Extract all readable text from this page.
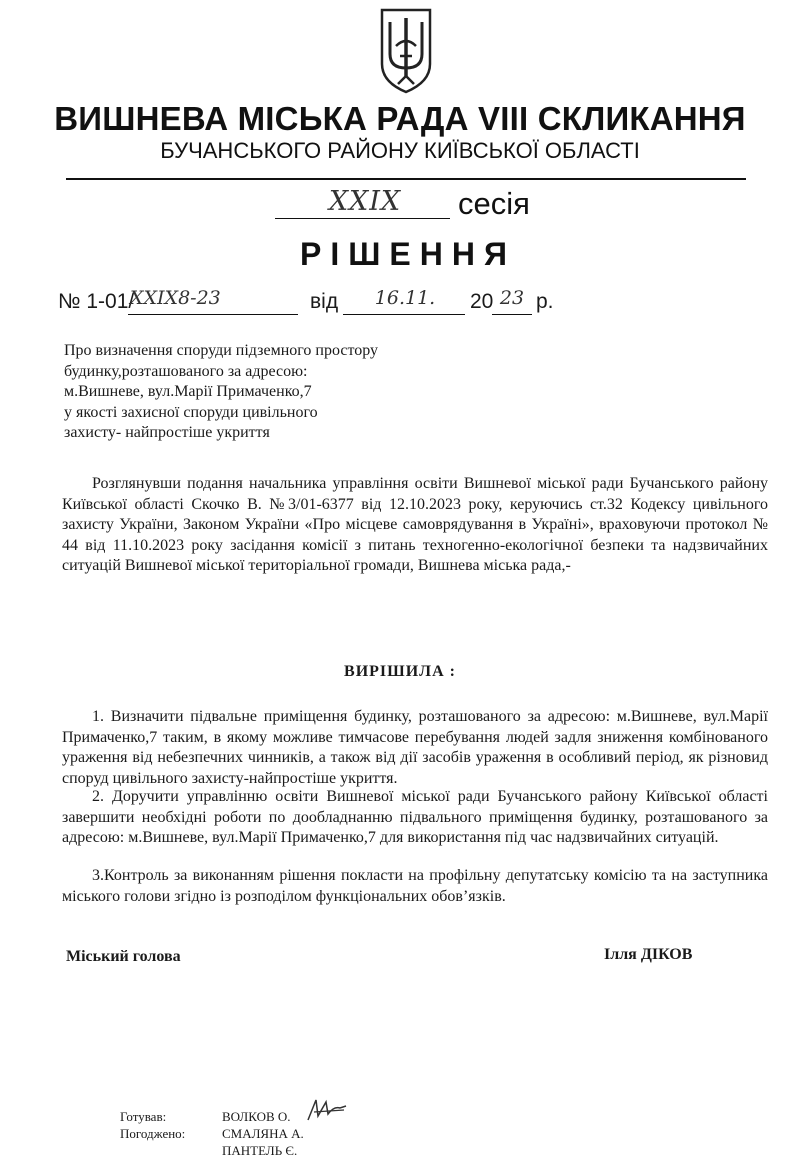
ВИШНЕВА МІСЬКА РАДА VIII СКЛИКАННЯ
БУЧАНСЬКОГО РАЙОНУ КИЇВСЬКОЇ ОБЛАСТІ
XXIX сесія
РІШЕННЯ
№ 1-01/
XXIX8-23	від	16.11.	20 23 р.
Про визначення споруди підземного простору
будинку,розташованого за адресою:
м.Вишневе, вул.Марії Примаченко,7
у якості захисної споруди цивільного
захисту- найпростіше укриття
Розглянувши подання начальника управління освіти Вишневої міської ради Бучанського району Київської області Скочко В. №3/01-6377 від 12.10.2023 року, керуючись ст.32 Кодексу цивільного захисту України, Законом України «Про місцеве самоврядування в Україні», враховуючи протокол № 44 від 11.10.2023 року засідання комісії з питань техногенно-екологічної безпеки та надзвичайних ситуацій Вишневої міської територіальної громади, Вишнева міська рада,-
ВИРІШИЛА :
1. Визначити підвальне приміщення будинку, розташованого за адресою: м.Вишневе, вул.Марії Примаченко,7 таким, в якому можливе тимчасове перебування людей задля зниження комбінованого ураження від небезпечних чинників, а також від дії засобів ураження в особливий період, як різновид споруд цивільного захисту-найпростіше укриття.
2. Доручити управлінню освіти Вишневої міської ради Бучанського району Київської області завершити необхідні роботи по дообладнанню підвального приміщення будинку, розташованого за адресою: м.Вишневе, вул.Марії Примаченко,7 для використання під час надзвичайних ситуацій.
3.Контроль за виконанням рішення покласти на профільну депутатську комісію та на заступника міського голови згідно із розподілом функціональних обов’язків.
Міський голова	Ілля ДІКОВ
Готував:	ВОЛКОВ О.
Погоджено:	СМАЛЯНА А.
ПАНТЕЛЬ Є.
